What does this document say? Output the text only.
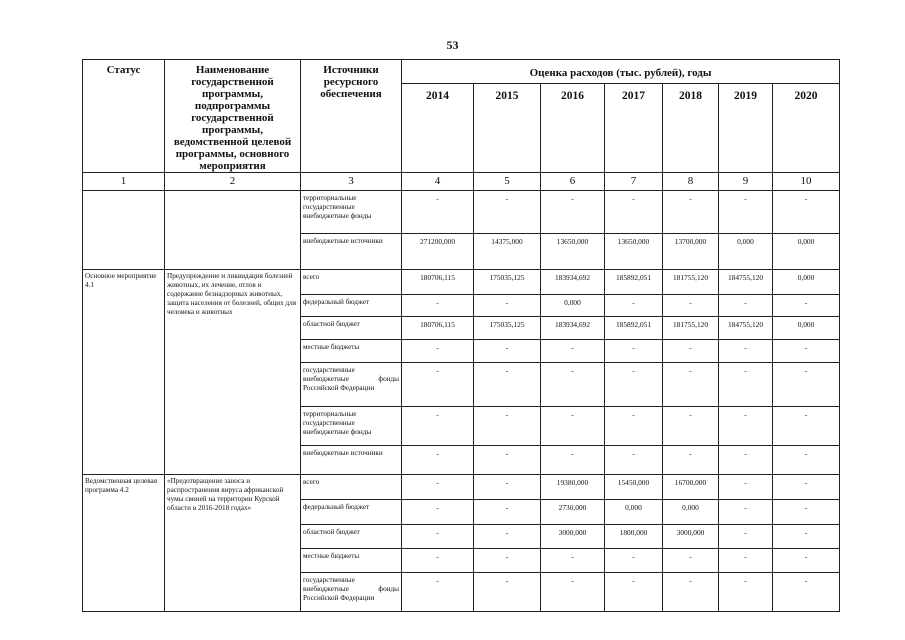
53
Статус	Наименование государственной программы, подпрограммы государственной программы, ведомственной целевой программы, основного мероприятия	Источники ресурсного обеспечения	Оценка расходов (тыс. рублей), годы						
			2014	2015	2016	2017	2018	2019	2020
1	2	3	4	5	6	7	8	9	10
		территориальные государственные внебюджетные фонды	-	-	-	-	-	-	-
		внебюджетные источники	271200,000	14375,000	13650,000	13650,000	13700,000	0,000	0,000
Основное мероприятие 4.1	Предупреждение и ликвидация болезней животных, их лечение, отлов и содержание безнадзорных животных, защита населения от болезней, общих для человека и животных	всего	180706,115	175035,125	183934,692	185892,051	181755,120	184755,120	0,000
		федеральный бюджет	-	-	0,000	-	-	-	-
		областной бюджет	180706,115	175035,125	183934,692	185892,051	181755,120	184755,120	0,000
		местные бюджеты	-	-	-	-	-	-	-
		государственные внебюджетные фонды Российской Федерации	-	-	-	-	-	-	-
		территориальные государственные внебюджетные фонды	-	-	-	-	-	-	-
		внебюджетные источники	-	-	-	-	-	-	-
Ведомственная целевая программа 4.2	«Предотвращение заноса и распространения вируса африканской чумы свиней на территории Курской области в 2016-2018 годах»	всего	-	-	19380,000	15450,000	16700,000	-	-
		федеральный бюджет	-	-	2730,000	0,000	0,000	-	-
		областной бюджет	-	-	3000,000	1800,000	3000,000	-	-
		местные бюджеты	-	-	-	-	-	-	-
		государственные внебюджетные фонды Российской Федерации	-	-	-	-	-	-	-
